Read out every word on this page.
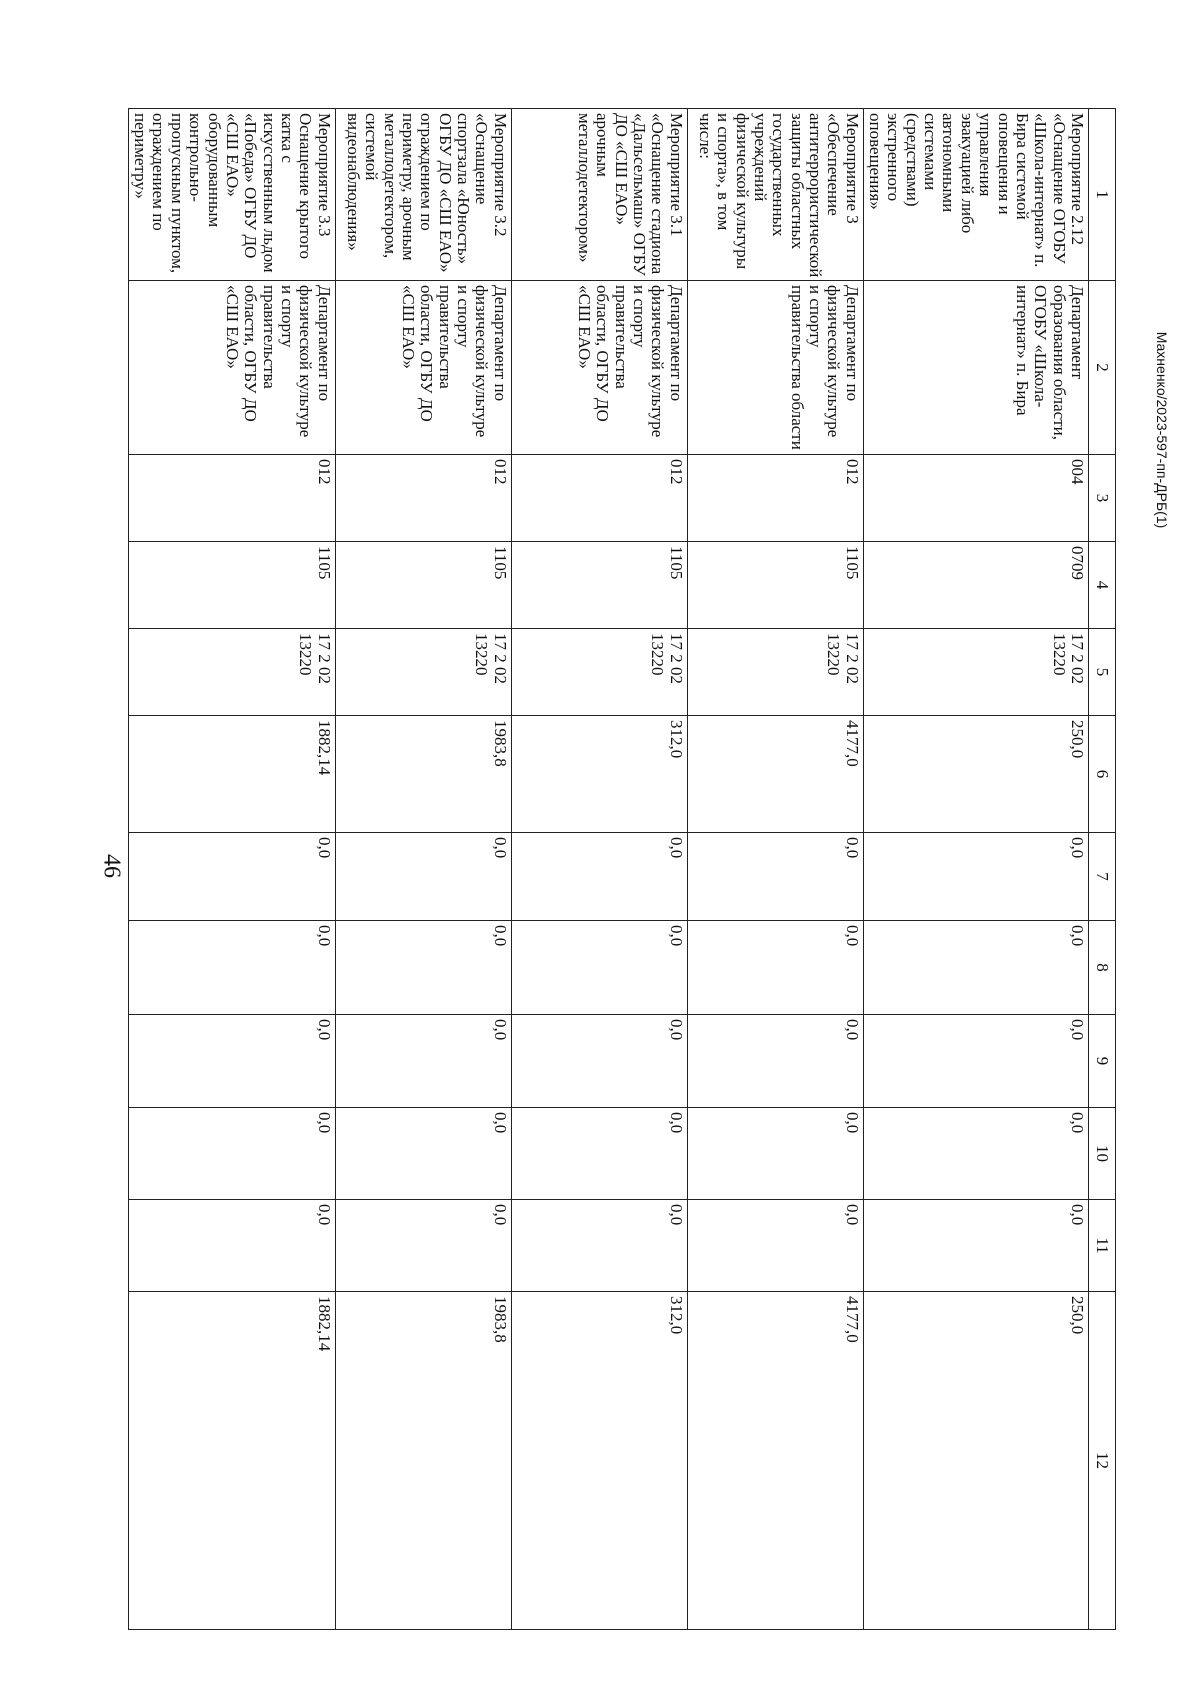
46
Махненко/2023-597-пп-ДРБ(1)
1	2	3	4	5	6	7	8	9	10	11	12
Мероприятие 2.12 «Оснащение ОГОБУ «Школа-интернат» п. Бира системой оповещения и управления эвакуацией либо автономными системами (средствами) экстренного оповещения»	Департамент образования области, ОГОБУ «Школа-интернат» п. Бира	004	0709	17 2 02 13220	250,0	0,0	0,0	0,0	0,0	0,0	250,0
Мероприятие 3 «Обеспечение антитеррористической защиты областных государственных учреждений физической культуры и спорта», в том числе:	Департамент по физической культуре и спорту правительства области	012	1105	17 2 02 13220	4177,0	0,0	0,0	0,0	0,0	0,0	4177,0
Мероприятие 3.1 «Оснащение стадиона «Дальсельмаш» ОГБУ ДО «СШ ЕАО» арочным металлодетектором»	Департамент по физической культуре и спорту правительства области, ОГБУ ДО «СШ ЕАО»	012	1105	17 2 02 13220	312,0	0,0	0,0	0,0	0,0	0,0	312,0
Мероприятие 3.2 «Оснащение спортзала «Юность» ОГБУ ДО «СШ ЕАО» ограждением по периметру, арочным металлодетектором, системой видеонаблюдения»	Департамент по физической культуре и спорту правительства области, ОГБУ ДО «СШ ЕАО»	012	1105	17 2 02 13220	1983,8	0,0	0,0	0,0	0,0	0,0	1983,8
Мероприятие 3.3 Оснащение крытого катка с искусственным льдом «Победа» ОГБУ ДО «СШ ЕАО» оборудованным контрольно-пропускным пунктом, ограждением по периметру»	Департамент по физической культуре и спорту правительства области, ОГБУ ДО «СШ ЕАО»	012	1105	17 2 02 13220	1882,14	0,0	0,0	0,0	0,0	0,0	1882,14
